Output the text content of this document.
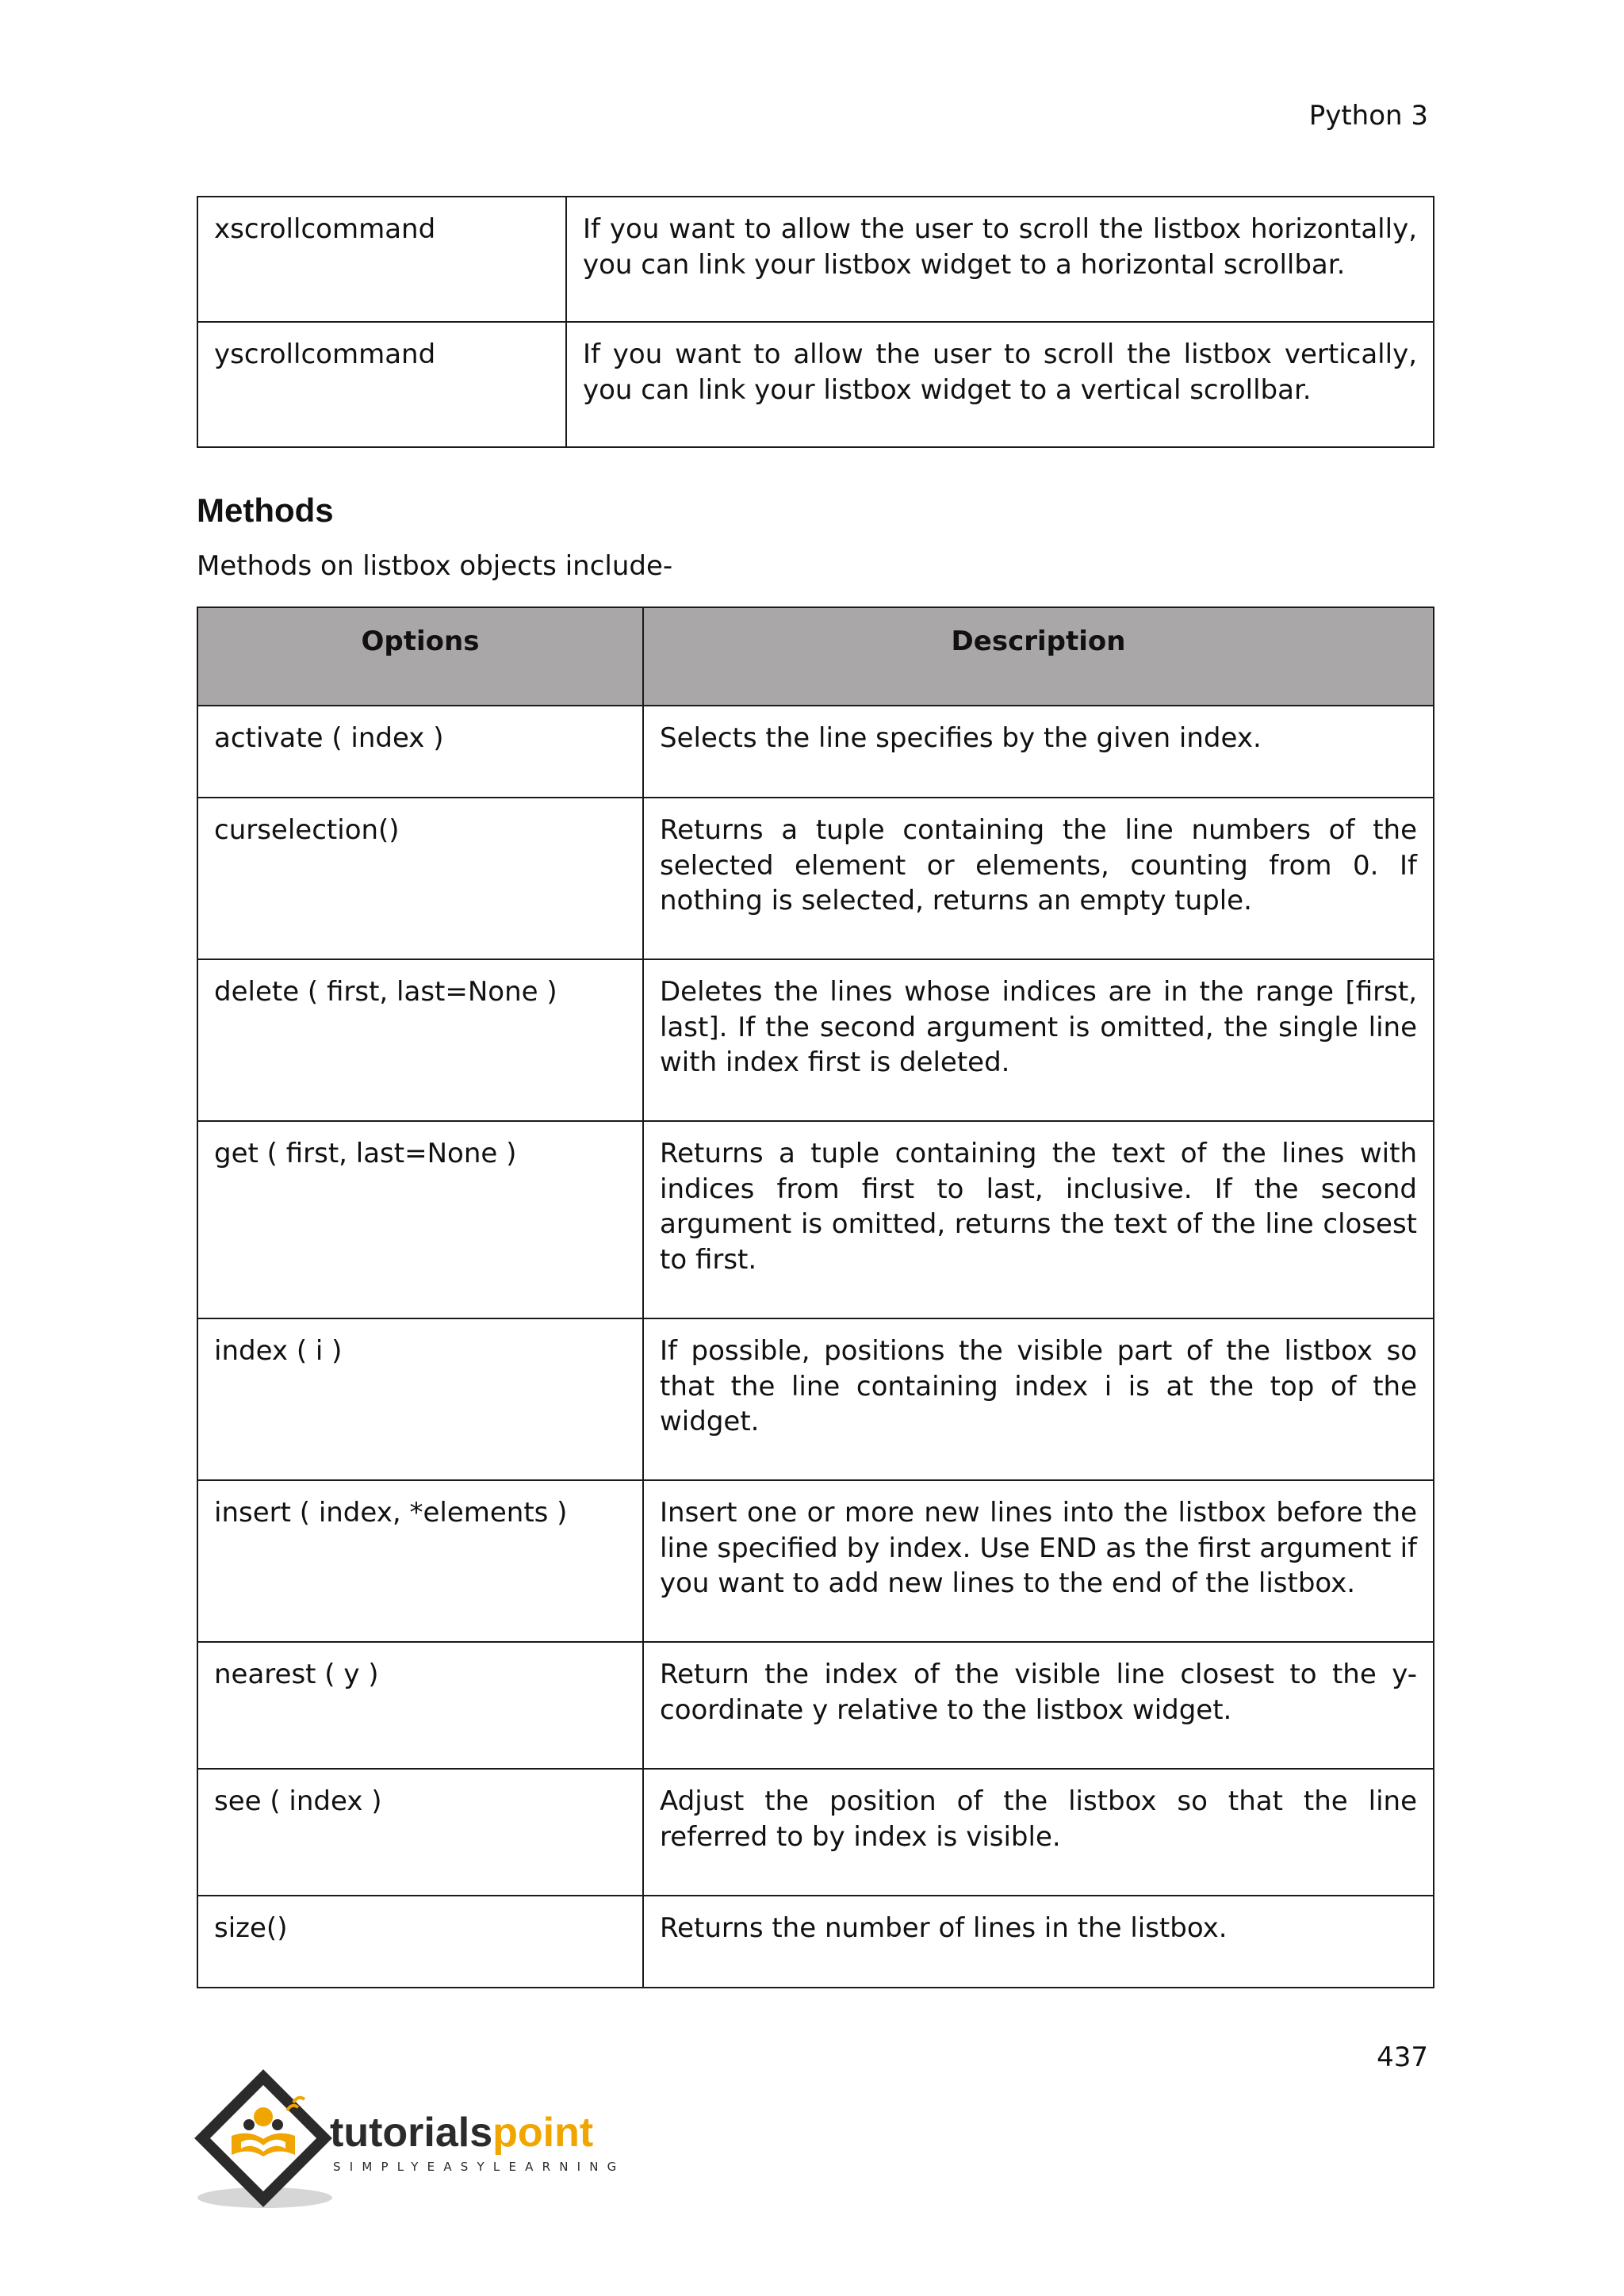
Python 3
xscrollcommand	If you want to allow the user to scroll the listbox horizontally, you can link your listbox widget to a horizontal scrollbar.
yscrollcommand	If you want to allow the user to scroll the listbox vertically, you can link your listbox widget to a vertical scrollbar.
Methods

Methods on listbox objects include-

Options	Description
activate ( index )	Selects the line specifies by the given index.
curselection()	Returns a tuple containing the line numbers of the selected element or elements, counting from 0. If nothing is selected, returns an empty tuple.
delete ( first, last=None )	Deletes the lines whose indices are in the range [first, last]. If the second argument is omitted, the single line with index first is deleted.
get ( first, last=None )	Returns a tuple containing the text of the lines with indices from first to last, inclusive. If the second argument is omitted, returns the text of the line closest to first.
index ( i )	If possible, positions the visible part of the listbox so that the line containing index i is at the top of the widget.
insert ( index, *elements )	Insert one or more new lines into the listbox before the line specified by index. Use END as the first argument if you want to add new lines to the end of the listbox.
nearest ( y )	Return the index of the visible line closest to the y-coordinate y relative to the listbox widget.
see ( index )	Adjust the position of the listbox so that the line referred to by index is visible.
size()	Returns the number of lines in the listbox.
437
tutorialspoint
SIMPLYEASYLEARNING
